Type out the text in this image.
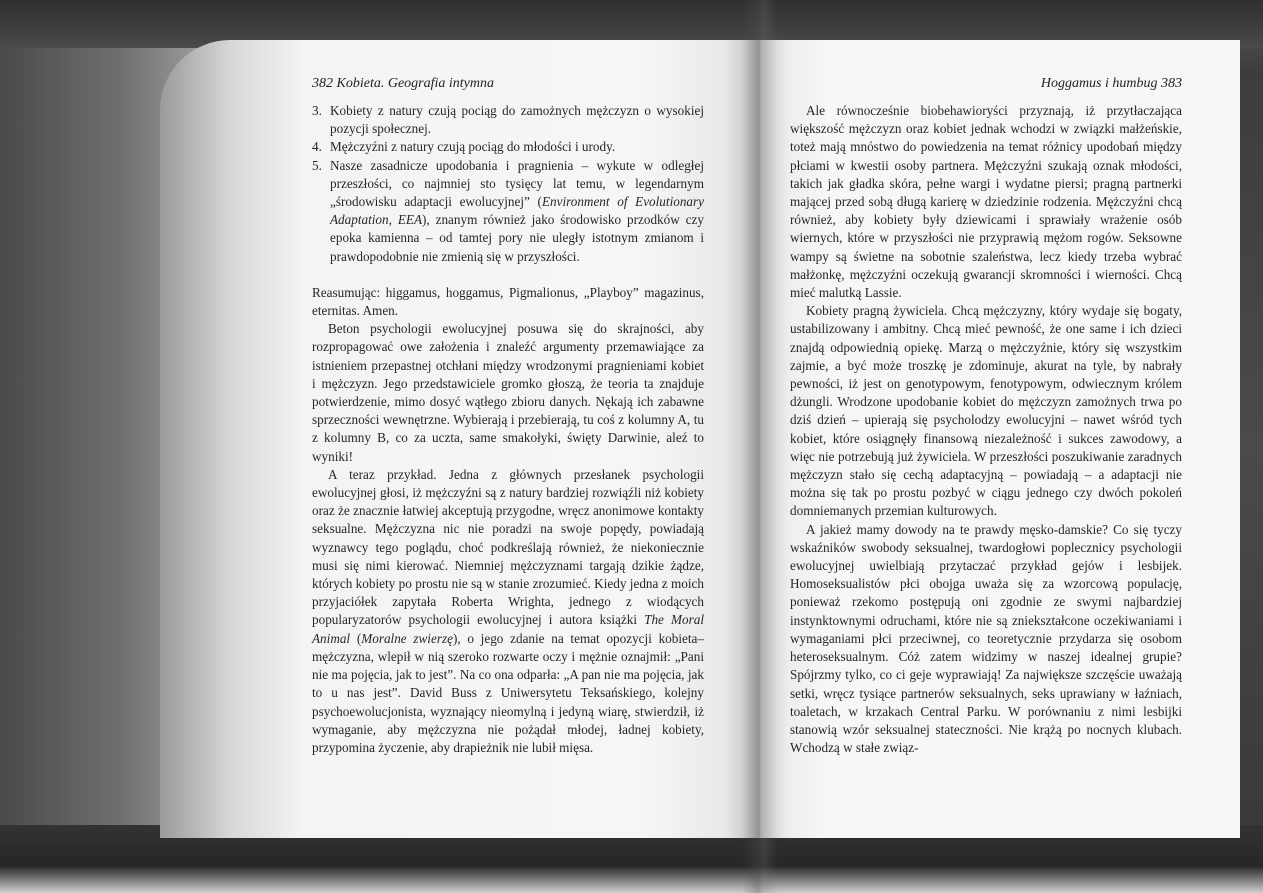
382 Kobieta. Geografia intymna
3. Kobiety z natury czują pociąg do zamożnych mężczyzn o wysokiej pozycji społecznej.
4. Mężczyźni z natury czują pociąg do młodości i urody.
5. Nasze zasadnicze upodobania i pragnienia – wykute w odległej przeszłości, co najmniej sto tysięcy lat temu, w legendarnym „środowisku adaptacji ewolucyjnej” (Environment of Evolutionary Adaptation, EEA), znanym również jako środowisko przodków czy epoka kamienna – od tamtej pory nie uległy istotnym zmianom i prawdopodobnie nie zmienią się w przyszłości.

Reasumując: higgamus, hoggamus, Pigmalionus, „Playboy” magazinus, eternitas. Amen.

Beton psychologii ewolucyjnej posuwa się do skrajności, aby rozpropagować owe założenia i znaleźć argumenty przemawiające za istnieniem przepastnej otchłani między wrodzonymi pragnieniami kobiet i mężczyzn. Jego przedstawiciele gromko głoszą, że teoria ta znajduje potwierdzenie, mimo dosyć wątłego zbioru danych. Nękają ich zabawne sprzeczności wewnętrzne. Wybierają i przebierają, tu coś z kolumny A, tu z kolumny B, co za uczta, same smakołyki, święty Darwinie, aleź to wyniki!

A teraz przykład. Jedna z głównych przesłanek psychologii ewolucyjnej głosi, iż mężczyźni są z natury bardziej rozwiąźli niż kobiety oraz że znacznie łatwiej akceptują przygodne, wręcz anonimowe kontakty seksualne. Mężczyzna nic nie poradzi na swoje popędy, powiadają wyznawcy tego poglądu, choć podkreślają również, że niekoniecznie musi się nimi kierować. Niemniej mężczyznami targają dzikie żądze, których kobiety po prostu nie są w stanie zrozumieć. Kiedy jedna z moich przyjaciółek zapytała Roberta Wrighta, jednego z wiodących popularyzatorów psychologii ewolucyjnej i autora książki The Moral Animal (Moralne zwierzę), o jego zdanie na temat opozycji kobieta–mężczyzna, wlepił w nią szeroko rozwarte oczy i mężnie oznajmił: „Pani nie ma pojęcia, jak to jest”. Na co ona odparła: „A pan nie ma pojęcia, jak to u nas jest”. David Buss z Uniwersytetu Teksańskiego, kolejny psychoewolucjonista, wyznający nieomylną i jedyną wiarę, stwierdził, iż wymaganie, aby mężczyzna nie pożądał młodej, ładnej kobiety, przypomina życzenie, aby drapieżnik nie lubił mięsa.

Hoggamus i humbug 383

Ale równocześnie biobehawioryści przyznają, iż przytłaczająca większość mężczyzn oraz kobiet jednak wchodzi w związki małżeńskie, toteż mają mnóstwo do powiedzenia na temat różnicy upodobań między płciami w kwestii osoby partnera. Mężczyźni szukają oznak młodości, takich jak gładka skóra, pełne wargi i wydatne piersi; pragną partnerki mającej przed sobą długą karierę w dziedzinie rodzenia. Mężczyźni chcą również, aby kobiety były dziewicami i sprawiały wrażenie osób wiernych, które w przyszłości nie przyprawią mężom rogów. Seksowne wampy są świetne na sobotnie szaleństwa, lecz kiedy trzeba wybrać małżonkę, mężczyźni oczekują gwarancji skromności i wierności. Chcą mieć malutką Lassie.

Kobiety pragną żywiciela. Chcą mężczyzny, który wydaje się bogaty, ustabilizowany i ambitny. Chcą mieć pewność, że one same i ich dzieci znajdą odpowiednią opiekę. Marzą o mężczyźnie, który się wszystkim zajmie, a być może troszkę je zdominuje, akurat na tyle, by nabrały pewności, iż jest on genotypowym, fenotypowym, odwiecznym królem dżungli. Wrodzone upodobanie kobiet do mężczyzn zamożnych trwa po dziś dzień – upierają się psycholodzy ewolucyjni – nawet wśród tych kobiet, które osiągnęły finansową niezależność i sukces zawodowy, a więc nie potrzebują już żywiciela. W przeszłości poszukiwanie zaradnych mężczyzn stało się cechą adaptacyjną – powiadają – a adaptacji nie można się tak po prostu pozbyć w ciągu jednego czy dwóch pokoleń domniemanych przemian kulturowych.

A jakież mamy dowody na te prawdy męsko-damskie? Co się tyczy wskaźników swobody seksualnej, twardogłowi poplecznicy psychologii ewolucyjnej uwielbiają przytaczać przykład gejów i lesbijek. Homoseksualistów płci obojga uważa się za wzorcową populację, ponieważ rzekomo postępują oni zgodnie ze swymi najbardziej instynktownymi odruchami, które nie są zniekształcone oczekiwaniami i wymaganiami płci przeciwnej, co teoretycznie przydarza się osobom heteroseksualnym. Cóż zatem widzimy w naszej idealnej grupie? Spójrzmy tylko, co ci geje wyprawiają! Za największe szczęście uważają setki, wręcz tysiące partnerów seksualnych, seks uprawiany w łaźniach, toaletach, w krzakach Central Parku. W porównaniu z nimi lesbijki stanowią wzór seksualnej stateczności. Nie krążą po nocnych klubach. Wchodzą w stałe związ-
